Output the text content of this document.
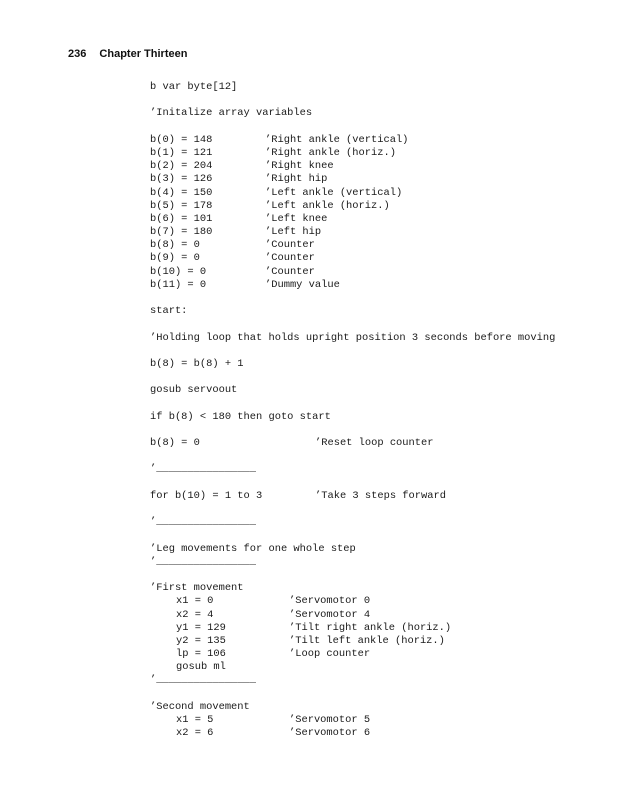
236 Chapter Thirteen
b var byte[12]
’Initalize array variables
b(0) = 148	’Right ankle (vertical)
b(1) = 121	’Right ankle (horiz.)
b(2) = 204	’Right knee
b(3) = 126	’Right hip
b(4) = 150	’Left ankle (vertical)
b(5) = 178	’Left ankle (horiz.)
b(6) = 101	’Left knee
b(7) = 180	’Left hip
b(8) = 0	’Counter
b(9) = 0	’Counter
b(10) = 0	’Counter
b(11) = 0	’Dummy value
start:
’Holding loop that holds upright position 3 seconds before moving
b(8) = b(8) + 1
gosub servoout
if b(8) < 180 then goto start
b(8) = 0	’Reset loop counter
’________________
for b(10) = 1 to 3	’Take 3 steps forward
’________________
’Leg movements for one whole step
’________________
’First movement
x1 = 0	’Servomotor 0
x2 = 4	’Servomotor 4
y1 = 129	’Tilt right ankle (horiz.)
y2 = 135	’Tilt left ankle (horiz.)
lp = 106	’Loop counter
gosub ml
’________________
’Second movement
x1 = 5	’Servomotor 5
x2 = 6	’Servomotor 6
